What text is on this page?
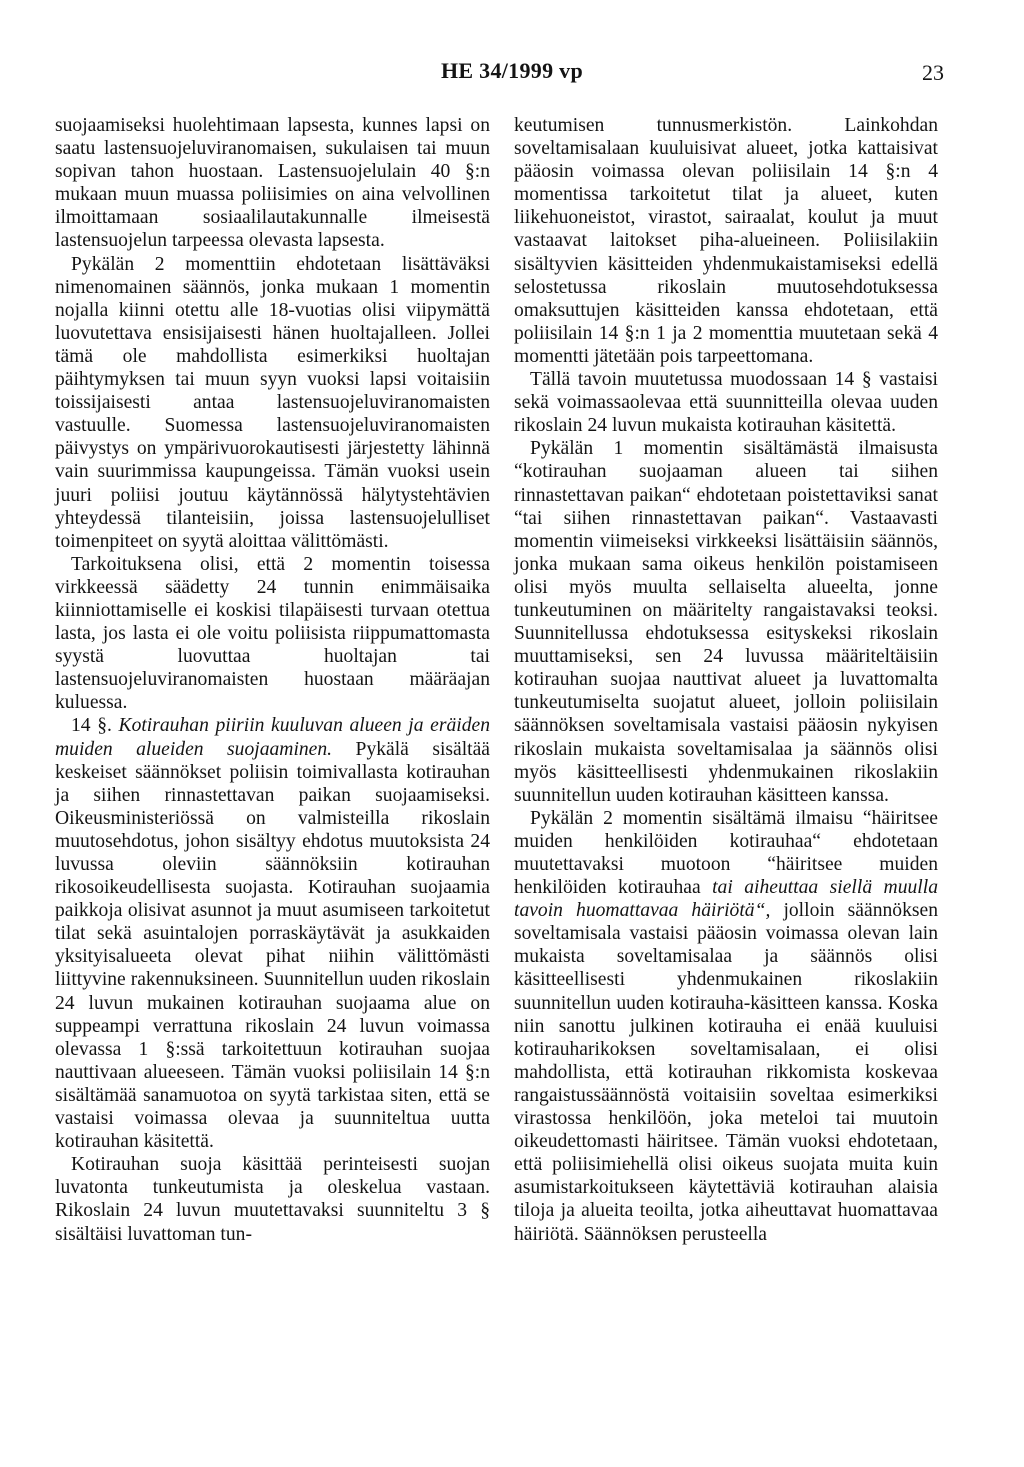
HE 34/1999 vp	23

suojaamiseksi huolehtimaan lapsesta, kunnes lapsi on saatu lastensuojeluviranomaisen, sukulaisen tai muun sopivan tahon huostaan. Lastensuojelulain 40 §:n mukaan muun muassa poliisimies on aina velvollinen ilmoittamaan sosiaalilautakunnalle ilmeisestä lastensuojelun tarpeessa olevasta lapsesta.

Pykälän 2 momenttiin ehdotetaan lisättäväksi nimenomainen säännös, jonka mukaan 1 momentin nojalla kiinni otettu alle 18-vuotias olisi viipymättä luovutettava ensisijaisesti hänen huoltajalleen. Jollei tämä ole mahdollista esimerkiksi huoltajan päihtymyksen tai muun syyn vuoksi lapsi voitaisiin toissijaisesti antaa lastensuojeluviranomaisten vastuulle. Suomessa lastensuojeluviranomaisten päivystys on ympärivuorokautisesti järjestetty lähinnä vain suurimmissa kaupungeissa. Tämän vuoksi usein juuri poliisi joutuu käytännössä hälytystehtävien yhteydessä tilanteisiin, joissa lastensuojelulliset toimenpiteet on syytä aloittaa välittömästi.

Tarkoituksena olisi, että 2 momentin toisessa virkkeessä säädetty 24 tunnin enimmäisaika kiinniottamiselle ei koskisi tilapäisesti turvaan otettua lasta, jos lasta ei ole voitu poliisista riippumattomasta syystä luovuttaa huoltajan tai lastensuojeluviranomaisten huostaan määräajan kuluessa.

14 §. Kotirauhan piiriin kuuluvan alueen ja eräiden muiden alueiden suojaaminen. Pykälä sisältää keskeiset säännökset poliisin toimivallasta kotirauhan ja siihen rinnastettavan paikan suojaamiseksi. Oikeusministeriössä on valmisteilla rikoslain muutosehdotus, johon sisältyy ehdotus muutoksista 24 luvussa oleviin säännöksiin kotirauhan rikosoikeudellisesta suojasta. Kotirauhan suojaamia paikkoja olisivat asunnot ja muut asumiseen tarkoitetut tilat sekä asuintalojen porraskäytävät ja asukkaiden yksityisalueeta olevat pihat niihin välittömästi liittyvine rakennuksineen. Suunnitellun uuden rikoslain 24 luvun mukainen kotirauhan suojaama alue on suppeampi verrattuna rikoslain 24 luvun voimassa olevassa 1 §:ssä tarkoitettuun kotirauhan suojaa nauttivaan alueeseen. Tämän vuoksi poliisilain 14 §:n sisältämää sanamuotoa on syytä tarkistaa siten, että se vastaisi voimassa olevaa ja suunniteltua uutta kotirauhan käsitettä.

Kotirauhan suoja käsittää perinteisesti suojan luvatonta tunkeutumista ja oleskelua vastaan. Rikoslain 24 luvun muutettavaksi suunniteltu 3 § sisältäisi luvattoman tun-

keutumisen tunnusmerkistön. Lainkohdan soveltamisalaan kuuluisivat alueet, jotka kattaisivat pääosin voimassa olevan poliisilain 14 §:n 4 momentissa tarkoitetut tilat ja alueet, kuten liikehuoneistot, virastot, sairaalat, koulut ja muut vastaavat laitokset piha-alueineen. Poliisilakiin sisältyvien käsitteiden yhdenmukaistamiseksi edellä selostetussa rikoslain muutosehdotuksessa omaksuttujen käsitteiden kanssa ehdotetaan, että poliisilain 14 §:n 1 ja 2 momenttia muutetaan sekä 4 momentti jätetään pois tarpeettomana.

Tällä tavoin muutetussa muodossaan 14 § vastaisi sekä voimassaolevaa että suunnitteilla olevaa uuden rikoslain 24 luvun mukaista kotirauhan käsitettä.

Pykälän 1 momentin sisältämästä ilmaisusta “kotirauhan suojaaman alueen tai siihen rinnastettavan paikan“ ehdotetaan poistettaviksi sanat “tai siihen rinnastettavan paikan“. Vastaavasti momentin viimeiseksi virkkeeksi lisättäisiin säännös, jonka mukaan sama oikeus henkilön poistamiseen olisi myös muulta sellaiselta alueelta, jonne tunkeutuminen on määritelty rangaistavaksi teoksi. Suunnitellussa ehdotuksessa esityskeksi rikoslain muuttamiseksi, sen 24 luvussa määriteltäisiin kotirauhan suojaa nauttivat alueet ja luvattomalta tunkeutumiselta suojatut alueet, jolloin poliisilain säännöksen soveltamisala vastaisi pääosin nykyisen rikoslain mukaista soveltamisalaa ja säännös olisi myös käsitteellisesti yhdenmukainen rikoslakiin suunnitellun uuden kotirauhan käsitteen kanssa.

Pykälän 2 momentin sisältämä ilmaisu “häiritsee muiden henkilöiden kotirauhaa“ ehdotetaan muutettavaksi muotoon “häiritsee muiden henkilöiden kotirauhaa tai aiheuttaa siellä muulla tavoin huomattavaa häiriötä“, jolloin säännöksen soveltamisala vastaisi pääosin voimassa olevan lain mukaista soveltamisalaa ja säännös olisi käsitteellisesti yhdenmukainen rikoslakiin suunnitellun uuden kotirauha-käsitteen kanssa. Koska niin sanottu julkinen kotirauha ei enää kuuluisi kotirauharikoksen soveltamisalaan, ei olisi mahdollista, että kotirauhan rikkomista koskevaa rangaistussäännöstä voitaisiin soveltaa esimerkiksi virastossa henkilöön, joka meteloi tai muutoin oikeudettomasti häiritsee. Tämän vuoksi ehdotetaan, että poliisimiehellä olisi oikeus suojata muita kuin asumistarkoitukseen käytettäviä kotirauhan alaisia tiloja ja alueita teoilta, jotka aiheuttavat huomattavaa häiriötä. Säännöksen perusteella
